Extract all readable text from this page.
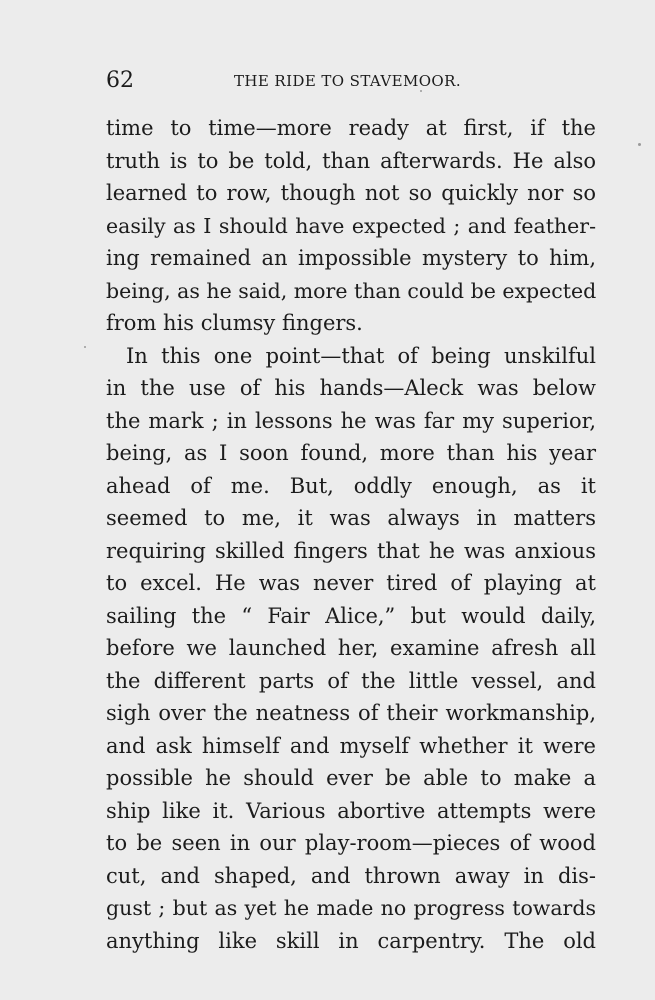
62	THE RIDE TO STAVEMOOR.
time to time—more ready at first, if the
truth is to be told, than afterwards. He also
learned to row, though not so quickly nor so
easily as I should have expected ; and feather-
ing remained an impossible mystery to him,
being, as he said, more than could be expected
from his clumsy fingers.
In this one point—that of being unskilful
in the use of his hands—Aleck was below
the mark ; in lessons he was far my superior,
being, as I soon found, more than his year
ahead of me. But, oddly enough, as it
seemed to me, it was always in matters
requiring skilled fingers that he was anxious
to excel. He was never tired of playing at
sailing the “ Fair Alice,” but would daily,
before we launched her, examine afresh all
the different parts of the little vessel, and
sigh over the neatness of their workmanship,
and ask himself and myself whether it were
possible he should ever be able to make a
ship like it. Various abortive attempts were
to be seen in our play-room—pieces of wood
cut, and shaped, and thrown away in dis-
gust ; but as yet he made no progress towards
anything like skill in carpentry. The old
